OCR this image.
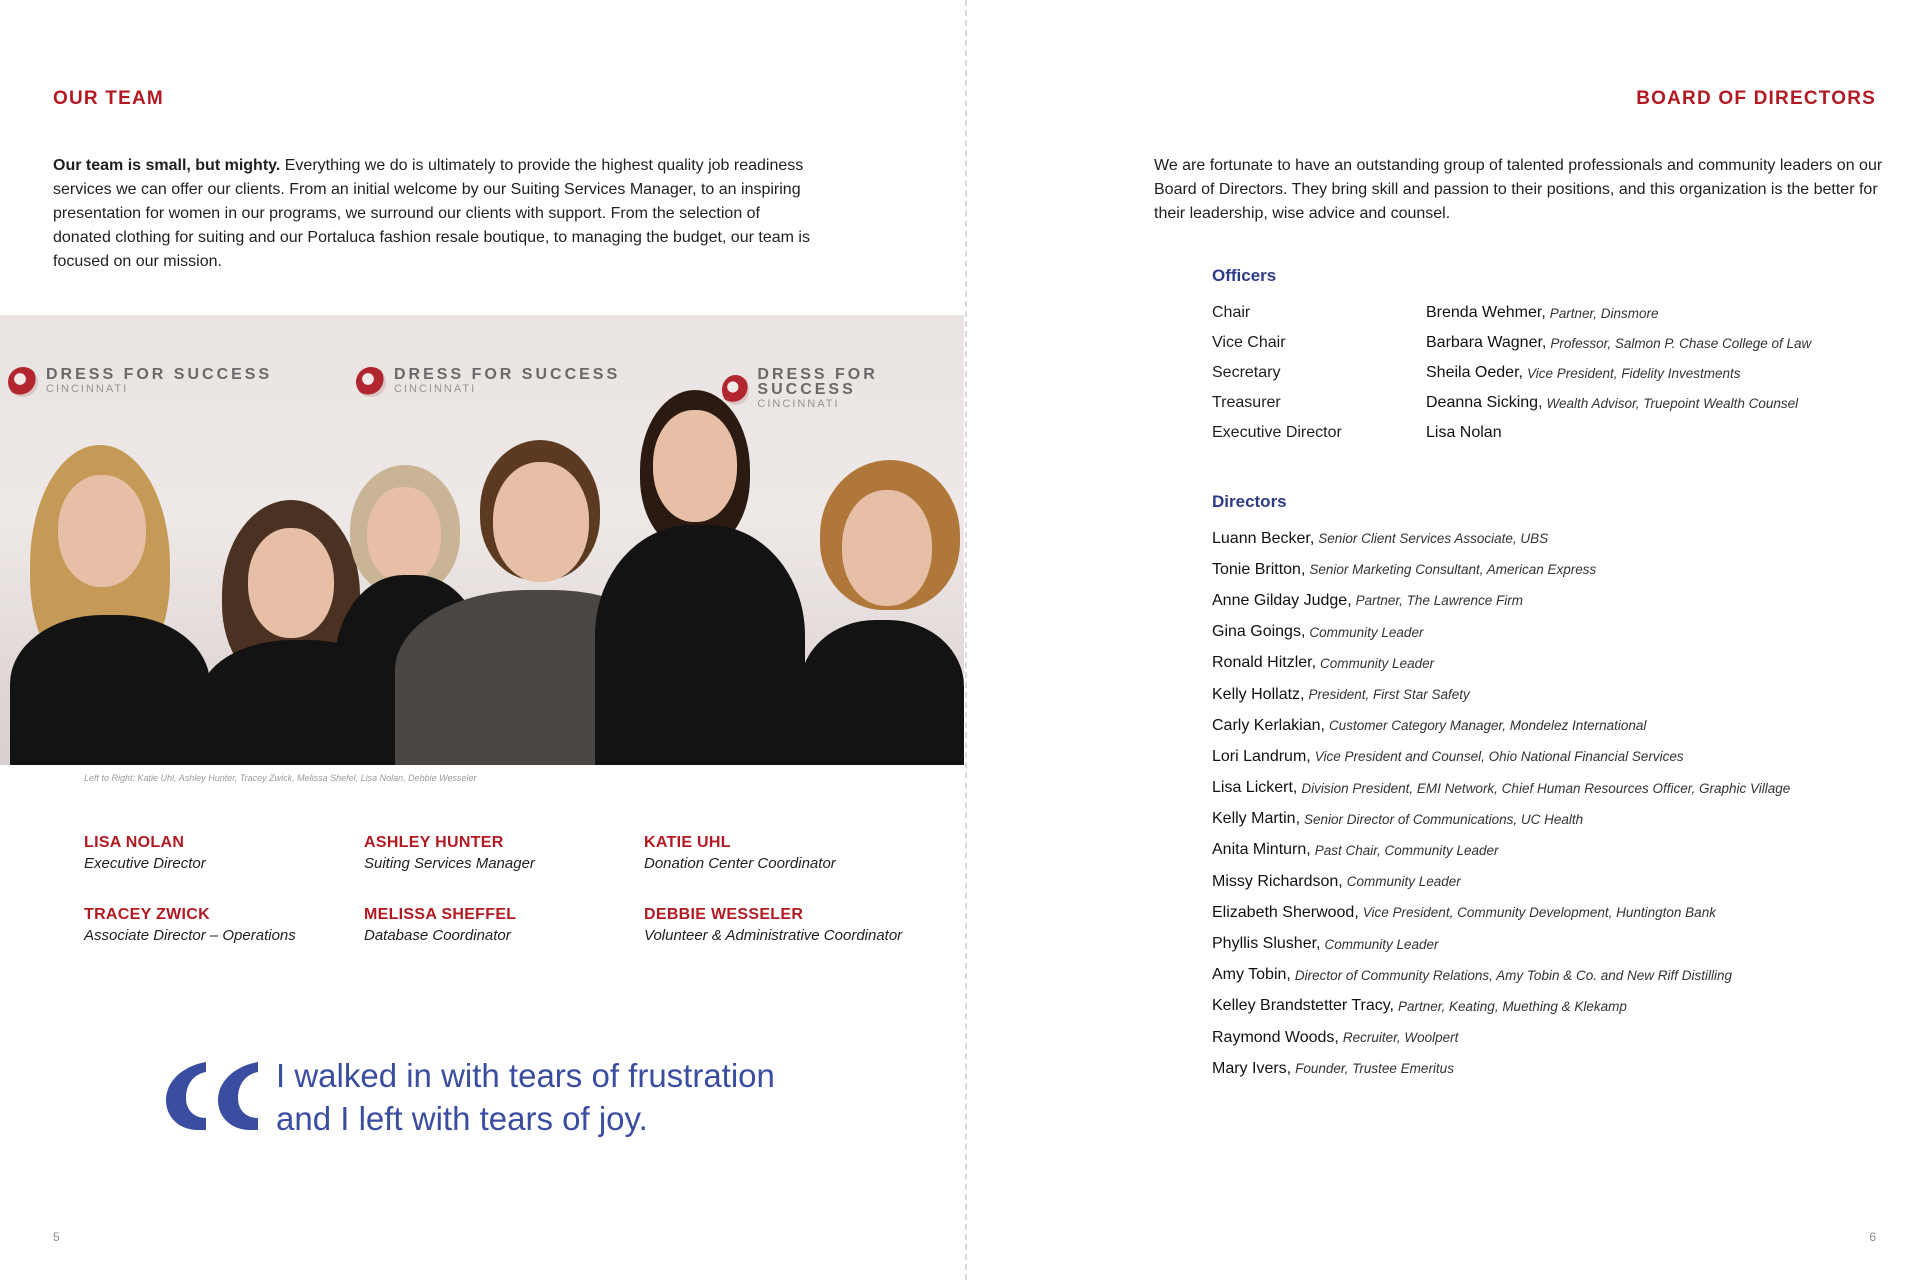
OUR TEAM

Our team is small, but mighty. Everything we do is ultimately to provide the highest quality job readiness services we can offer our clients. From an initial welcome by our Suiting Services Manager, to an inspiring presentation for women in our programs, we surround our clients with support. From the selection of donated clothing for suiting and our Portaluca fashion resale boutique, to managing the budget, our team is focused on our mission.

DRESS FOR SUCCESS
CINCINNATI
DRESS FOR SUCCESS
CINCINNATI
DRESS FOR SUCCESS
CINCINNATI

Left to Right: Katie Uhl, Ashley Hunter, Tracey Zwick, Melissa Shefel, Lisa Nolan, Debbie Wesseler

LISA NOLAN
Executive Director
ASHLEY HUNTER
Suiting Services Manager
KATIE UHL
Donation Center Coordinator
TRACEY ZWICK
Associate Director – Operations
MELISSA SHEFFEL
Database Coordinator
DEBBIE WESSELER
Volunteer & Administrative Coordinator

I walked in with tears of frustration
and I left with tears of joy.

5

BOARD OF DIRECTORS

We are fortunate to have an outstanding group of talented professionals and community leaders on our Board of Directors. They bring skill and passion to their positions, and this organization is the better for their leadership, wise advice and counsel.

Officers
Chair	Brenda Wehmer, Partner, Dinsmore
Vice Chair	Barbara Wagner, Professor, Salmon P. Chase College of Law
Secretary	Sheila Oeder, Vice President, Fidelity Investments
Treasurer	Deanna Sicking, Wealth Advisor, Truepoint Wealth Counsel
Executive Director	Lisa Nolan
Directors
Luann Becker, Senior Client Services Associate, UBS
Tonie Britton, Senior Marketing Consultant, American Express
Anne Gilday Judge, Partner, The Lawrence Firm
Gina Goings, Community Leader
Ronald Hitzler, Community Leader
Kelly Hollatz, President, First Star Safety
Carly Kerlakian, Customer Category Manager, Mondelez International
Lori Landrum, Vice President and Counsel, Ohio National Financial Services
Lisa Lickert, Division President, EMI Network, Chief Human Resources Officer, Graphic Village
Kelly Martin, Senior Director of Communications, UC Health
Anita Minturn, Past Chair, Community Leader
Missy Richardson, Community Leader
Elizabeth Sherwood, Vice President, Community Development, Huntington Bank
Phyllis Slusher, Community Leader
Amy Tobin, Director of Community Relations, Amy Tobin & Co. and New Riff Distilling
Kelley Brandstetter Tracy, Partner, Keating, Muething & Klekamp
Raymond Woods, Recruiter, Woolpert
Mary Ivers, Founder, Trustee Emeritus

6
